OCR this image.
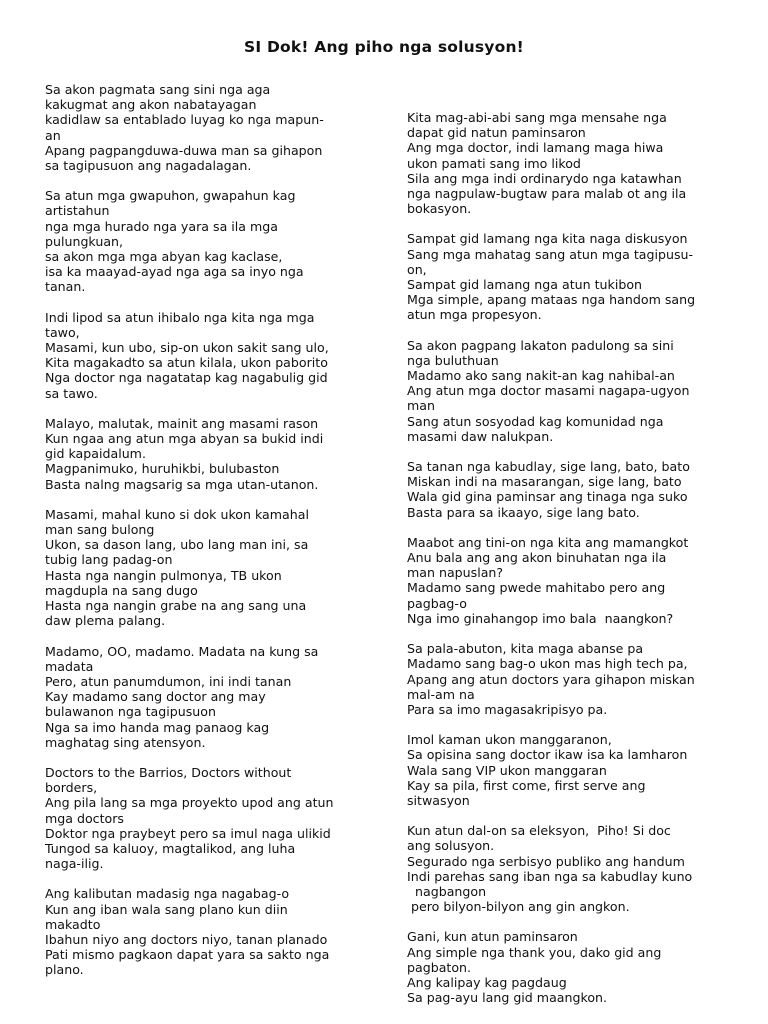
SI Dok! Ang piho nga solusyon!
Sa akon pagmata sang sini nga aga
kakugmat ang akon nabatayagan
kadidlaw sa entablado luyag ko nga mapun-
an
Apang pagpangduwa-duwa man sa gihapon
sa tagipusuon ang nagadalagan.
Sa atun mga gwapuhon, gwapahun kag
artistahun
nga mga hurado nga yara sa ila mga
pulungkuan,
sa akon mga mga abyan kag kaclase,
isa ka maayad-ayad nga aga sa inyo nga
tanan.
Indi lipod sa atun ihibalo nga kita nga mga
tawo,
Masami, kun ubo, sip-on ukon sakit sang ulo,
Kita magakadto sa atun kilala, ukon paborito
Nga doctor nga nagatatap kag nagabulig gid
sa tawo.
Malayo, malutak, mainit ang masami rason
Kun ngaa ang atun mga abyan sa bukid indi
gid kapaidalum.
Magpanimuko, huruhikbi, bulubaston
Basta nalng magsarig sa mga utan-utanon.
Masami, mahal kuno si dok ukon kamahal
man sang bulong
Ukon, sa dason lang, ubo lang man ini, sa
tubig lang padag-on
Hasta nga nangin pulmonya, TB ukon
magdupla na sang dugo
Hasta nga nangin grabe na ang sang una
daw plema palang.
Madamo, OO, madamo. Madata na kung sa
madata
Pero, atun panumdumon, ini indi tanan
Kay madamo sang doctor ang may
bulawanon nga tagipusuon
Nga sa imo handa mag panaog kag
maghatag sing atensyon.
Doctors to the Barrios, Doctors without
borders,
Ang pila lang sa mga proyekto upod ang atun
mga doctors
Doktor nga praybeyt pero sa imul naga ulikid
Tungod sa kaluoy, magtalikod, ang luha
naga-ilig.
Ang kalibutan madasig nga nagabag-o
Kun ang iban wala sang plano kun diin
makadto
Ibahun niyo ang doctors niyo, tanan planado
Pati mismo pagkaon dapat yara sa sakto nga
plano.
Kita mag-abi-abi sang mga mensahe nga
dapat gid natun paminsaron
Ang mga doctor, indi lamang maga hiwa
ukon pamati sang imo likod
Sila ang mga indi ordinarydo nga katawhan
nga nagpulaw-bugtaw para malab ot ang ila
bokasyon.
Sampat gid lamang nga kita naga diskusyon
Sang mga mahatag sang atun mga tagipusu-
on,
Sampat gid lamang nga atun tukibon
Mga simple, apang mataas nga handom sang
atun mga propesyon.
Sa akon pagpang lakaton padulong sa sini
nga buluthuan
Madamo ako sang nakit-an kag nahibal-an
Ang atun mga doctor masami nagapa-ugyon
man
Sang atun sosyodad kag komunidad nga
masami daw nalukpan.
Sa tanan nga kabudlay, sige lang, bato, bato
Miskan indi na masarangan, sige lang, bato
Wala gid gina paminsar ang tinaga nga suko
Basta para sa ikaayo, sige lang bato.
Maabot ang tini-on nga kita ang mamangkot
Anu bala ang ang akon binuhatan nga ila
man napuslan?
Madamo sang pwede mahitabo pero ang
pagbag-o
Nga imo ginahangop imo bala  naangkon?
Sa pala-abuton, kita maga abanse pa
Madamo sang bag-o ukon mas high tech pa,
Apang ang atun doctors yara gihapon miskan
mal-am na
Para sa imo magasakripisyo pa.
Imol kaman ukon manggaranon,
Sa opisina sang doctor ikaw isa ka lamharon
Wala sang VIP ukon manggaran
Kay sa pila, first come, first serve ang
sitwasyon
Kun atun dal-on sa eleksyon,  Piho! Si doc
ang solusyon.
Segurado nga serbisyo publiko ang handum
Indi parehas sang iban nga sa kabudlay kuno
nagbangon
pero bilyon-bilyon ang gin angkon.
Gani, kun atun paminsaron
Ang simple nga thank you, dako gid ang
pagbaton.
Ang kalipay kag pagdaug
Sa pag-ayu lang gid maangkon.
